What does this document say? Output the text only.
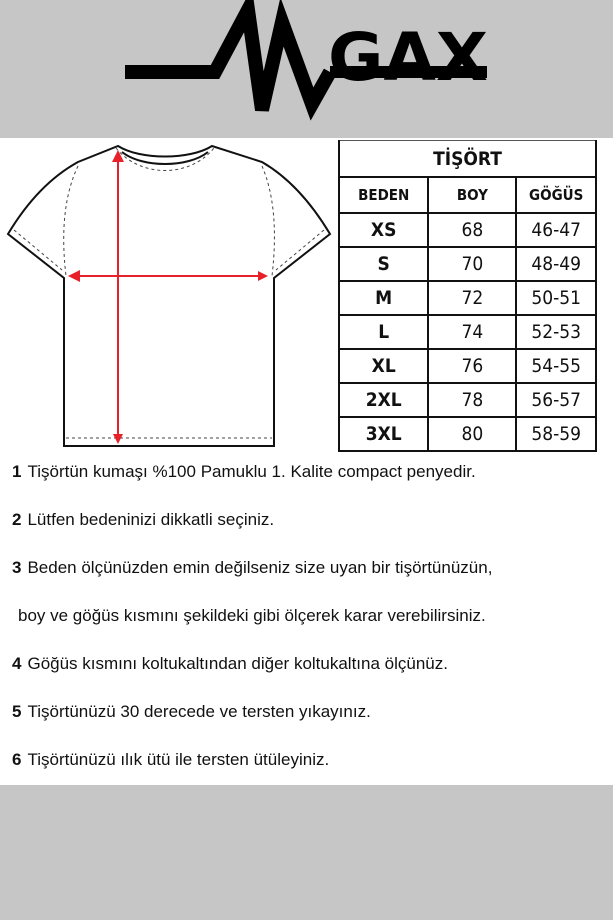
GAX
TİŞÖRT		
BEDEN	BOY	GÖĞÜS
XS	68	46-47
S	70	48-49
M	72	50-51
L	74	52-53
XL	76	54-55
2XL	78	56-57
3XL	80	58-59
1 Tişörtün kumaşı %100 Pamuklu 1. Kalite compact penyedir.
2 Lütfen bedeninizi dikkatli seçiniz.
3 Beden ölçünüzden emin değilseniz size uyan bir tişörtünüzün,
boy ve göğüs kısmını şekildeki gibi ölçerek karar verebilirsiniz.
4 Göğüs kısmını koltukaltından diğer koltukaltına ölçünüz.
5 Tişörtünüzü 30 derecede ve tersten yıkayınız.
6 Tişörtünüzü ılık ütü ile tersten ütüleyiniz.
